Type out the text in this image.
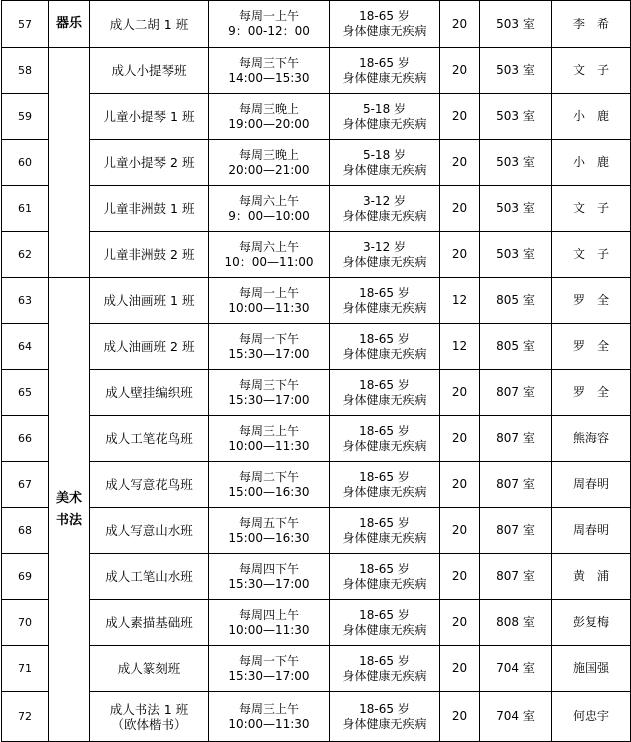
57	器乐	成人二胡 1 班	每周一上午
9：00-12：00	18-65 岁
身体健康无疾病	20	503 室	李　希
58		成人小提琴班	每周三下午
14:00—15:30	18-65 岁
身体健康无疾病	20	503 室	文　子
59		儿童小提琴 1 班	每周三晚上
19:00—20:00	5-18 岁
身体健康无疾病	20	503 室	小　鹿
60		儿童小提琴 2 班	每周三晚上
20:00—21:00	5-18 岁
身体健康无疾病	20	503 室	小　鹿
61		儿童非洲鼓 1 班	每周六上午
9：00—10:00	3-12 岁
身体健康无疾病	20	503 室	文　子
62		儿童非洲鼓 2 班	每周六上午
10：00—11:00	3-12 岁
身体健康无疾病	20	503 室	文　子
63	美术
书法	成人油画班 1 班	每周一上午
10:00—11:30	18-65 岁
身体健康无疾病	12	805 室	罗　全
64		成人油画班 2 班	每周一下午
15:30—17:00	18-65 岁
身体健康无疾病	12	805 室	罗　全
65		成人壁挂编织班	每周三下午
15:30—17:00	18-65 岁
身体健康无疾病	20	807 室	罗　全
66		成人工笔花鸟班	每周三上午
10:00—11:30	18-65 岁
身体健康无疾病	20	807 室	熊海容
67		成人写意花鸟班	每周二下午
15:00—16:30	18-65 岁
身体健康无疾病	20	807 室	周春明
68		成人写意山水班	每周五下午
15:00—16:30	18-65 岁
身体健康无疾病	20	807 室	周春明
69		成人工笔山水班	每周四下午
15:30—17:00	18-65 岁
身体健康无疾病	20	807 室	黄　浦
70		成人素描基础班	每周四上午
10:00—11:30	18-65 岁
身体健康无疾病	20	808 室	彭复梅
71		成人篆刻班	每周一下午
15:30—17:00	18-65 岁
身体健康无疾病	20	704 室	施国强
72		成人书法 1 班
（欧体楷书）	每周三上午
10:00—11:30	18-65 岁
身体健康无疾病	20	704 室	何忠宇
